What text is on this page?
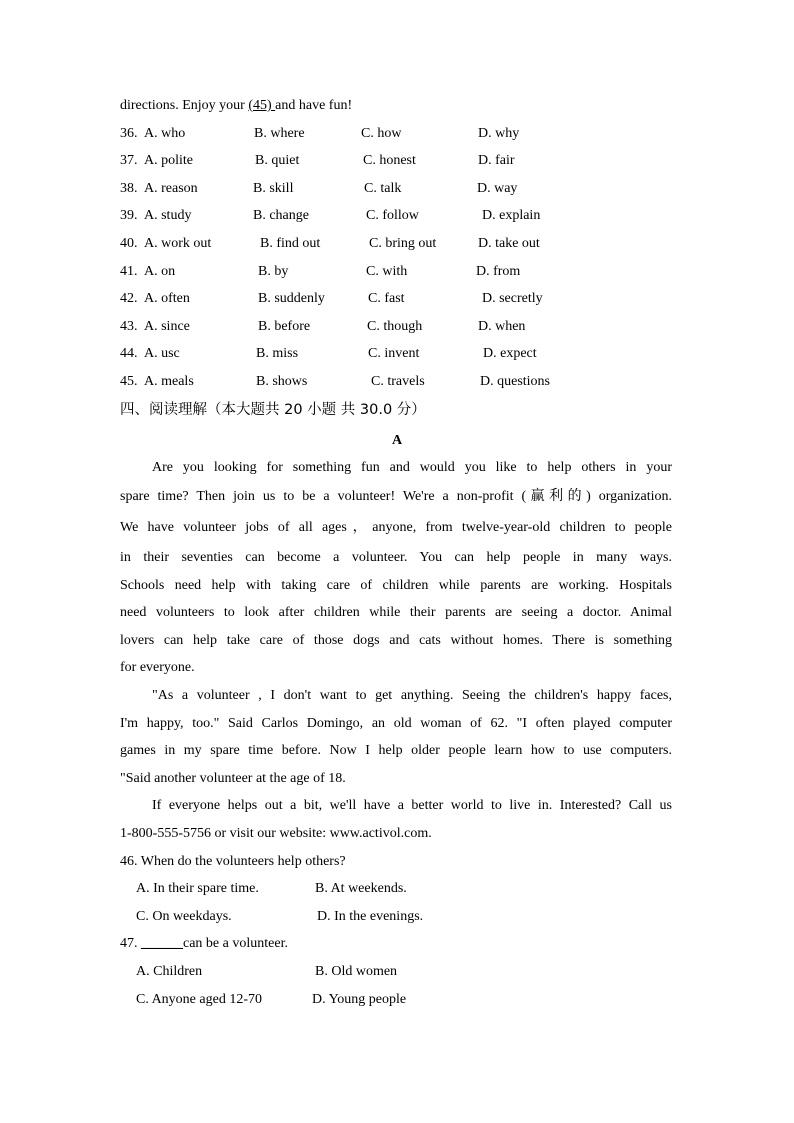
directions. Enjoy your (45) and have fun!
36. A. who	B. where	C. how	D. why
37. A. polite	B. quiet	C. honest	D. fair
38. A. reason	B. skill	C. talk	D. way
39. A. study	B. change	C. follow	D. explain
40. A. work out	B. find out	C. bring out	D. take out
41. A. on	B. by	C. with	D. from
42. A. often	B. suddenly	C. fast	D. secretly
43. A. since	B. before	C. though	D. when
44. A. usc	B. miss	C. invent	D. expect
45. A. meals	B. shows	C. travels	D. questions
四、阅读理解（本大题共 20 小题 共 30.0 分）
A
Are you looking for something fun and would you like to help others in your
spare time? Then join us to be a volunteer! We're a non-profit (赢利的) organization.
We have volunteer jobs of all ages，anyone, from twelve-year-old children to people
in their seventies can become a volunteer. You can help people in many ways.
Schools need help with taking care of children while parents are working. Hospitals
need volunteers to look after children while their parents are seeing a doctor. Animal
lovers can help take care of those dogs and cats without homes. There is something
for everyone.
"As a volunteer , I don't want to get anything. Seeing the children's happy faces,
I'm happy, too." Said Carlos Domingo, an old woman of 62. "I often played computer
games in my spare time before. Now I help older people learn how to use computers.
"Said another volunteer at the age of 18.
If everyone helps out a bit, we'll have a better world to live in. Interested? Call us
1-800-555-5756 or visit our website: www.activol.com.
46. When do the volunteers help others?
A. In their spare time.	B. At weekends.
C. On weekdays.	D. In the evenings.
47. ______can be a volunteer.
A. Children	B. Old women
C. Anyone aged 12-70	D. Young people
